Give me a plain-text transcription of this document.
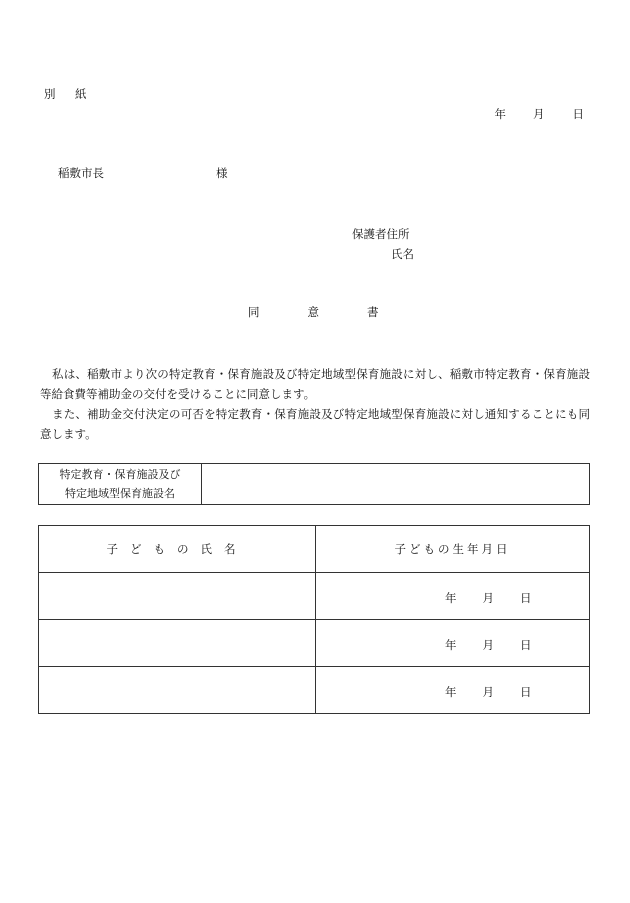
別　紙
年 月 日
稲敷市長	様
保護者住所
氏名
同	意	書
私は、稲敷市より次の特定教育・保育施設及び特定地域型保育施設に対し、稲敷市特定教育・保育施設等給食費等補助金の交付を受けることに同意します。
また、補助金交付決定の可否を特定教育・保育施設及び特定地域型保育施設に対し通知することにも同意します。
特定教育・保育施設及び
特定地域型保育施設名

子どもの氏名	子どもの生年月日

	年 月 日

	年 月 日

	年 月 日
